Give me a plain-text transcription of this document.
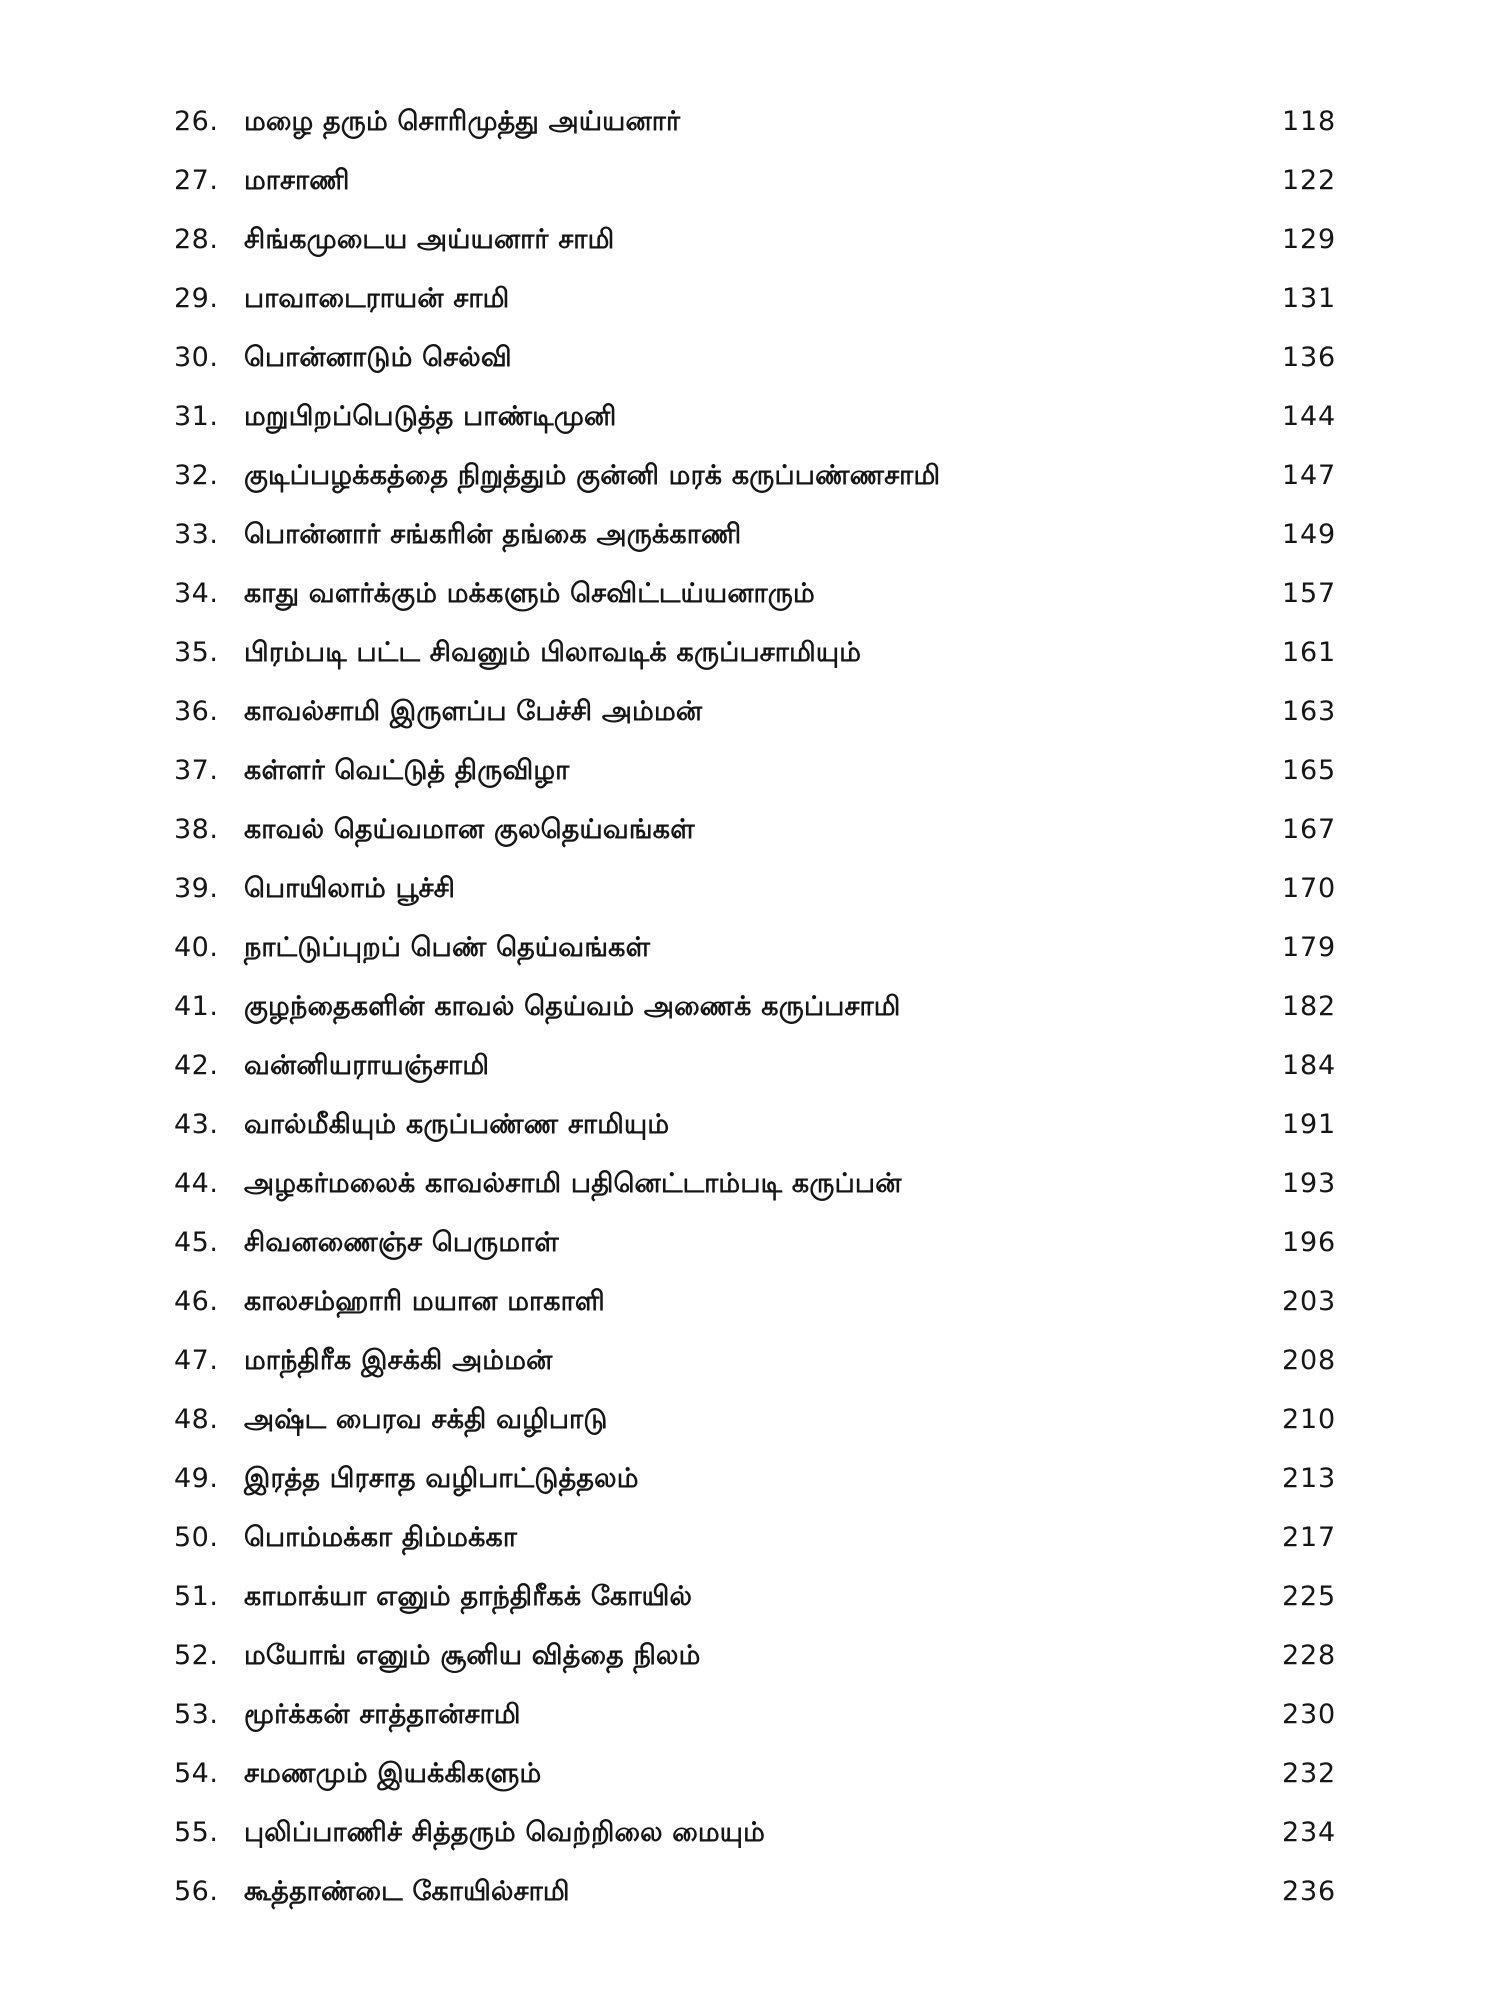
26. மழை தரும் சொரிமுத்து அய்யனார்	118
27. மாசாணி	122
28. சிங்கமுடைய அய்யனார் சாமி	129
29. பாவாடைராயன் சாமி	131
30. பொன்னாடும் செல்வி	136
31. மறுபிறப்பெடுத்த பாண்டிமுனி	144
32. குடிப்பழக்கத்தை நிறுத்தும் குன்னி மரக் கருப்பண்ணசாமி	147
33. பொன்னார் சங்கரின் தங்கை அருக்காணி	149
34. காது வளர்க்கும் மக்களும் செவிட்டய்யனாரும்	157
35. பிரம்படி பட்ட சிவனும் பிலாவடிக் கருப்பசாமியும்	161
36. காவல்சாமி இருளப்ப பேச்சி அம்மன்	163
37. கள்ளர் வெட்டுத் திருவிழா	165
38. காவல் தெய்வமான குலதெய்வங்கள்	167
39. பொயிலாம் பூச்சி	170
40. நாட்டுப்புறப் பெண் தெய்வங்கள்	179
41. குழந்தைகளின் காவல் தெய்வம் அணைக் கருப்பசாமி	182
42. வன்னியராயஞ்சாமி	184
43. வால்மீகியும் கருப்பண்ண சாமியும்	191
44. அழகர்மலைக் காவல்சாமி பதினெட்டாம்படி கருப்பன்	193
45. சிவனணைஞ்ச பெருமாள்	196
46. காலசம்ஹாரி மயான மாகாளி	203
47. மாந்திரீக இசக்கி அம்மன்	208
48. அஷ்ட பைரவ சக்தி வழிபாடு	210
49. இரத்த பிரசாத வழிபாட்டுத்தலம்	213
50. பொம்மக்கா திம்மக்கா	217
51. காமாக்யா எனும் தாந்திரீகக் கோயில்	225
52. மயோங் எனும் சூனிய வித்தை நிலம்	228
53. மூர்க்கன் சாத்தான்சாமி	230
54. சமணமும் இயக்கிகளும்	232
55. புலிப்பாணிச் சித்தரும் வெற்றிலை மையும்	234
56. கூத்தாண்டை கோயில்சாமி	236
